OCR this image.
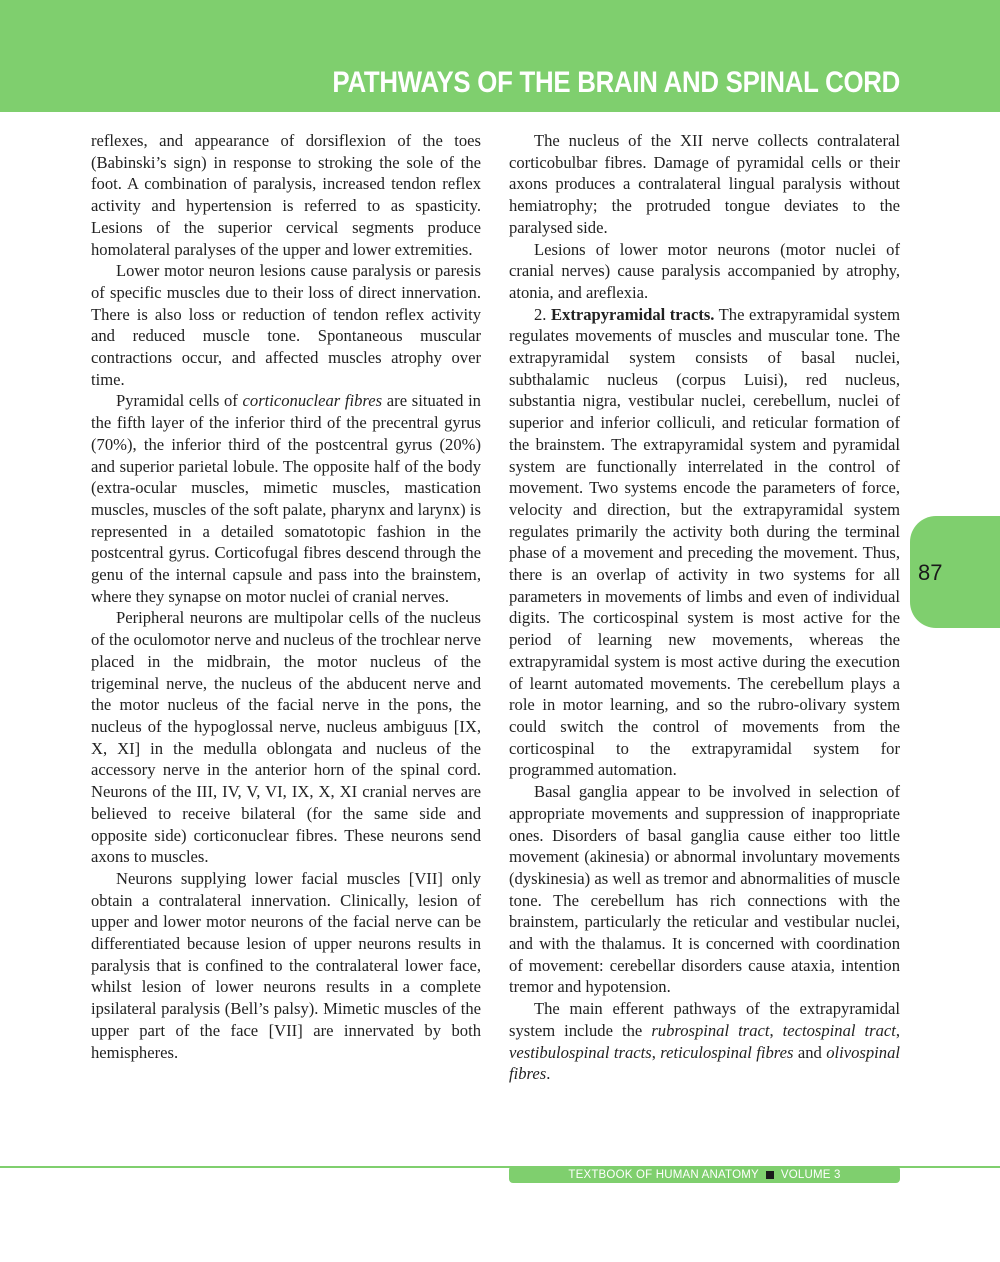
PATHWAYS OF THE BRAIN AND SPINAL CORD
87

reflexes, and appearance of dorsiflexion of the toes (Babinski’s sign) in response to stroking the sole of the foot. A combination of paralysis, increased tendon reflex activity and hypertension is referred to as spasticity. Lesions of the superior cervical segments produce homolateral paralyses of the upper and lower extremities.

Lower motor neuron lesions cause paralysis or paresis of specific muscles due to their loss of direct innervation. There is also loss or reduction of tendon reflex activity and reduced muscle tone. Spontaneous muscular contractions occur, and affected muscles atrophy over time.

Pyramidal cells of corticonuclear fibres are situated in the fifth layer of the inferior third of the precentral gyrus (70%), the inferior third of the postcentral gyrus (20%) and superior parietal lobule. The opposite half of the body (extra-ocular muscles, mimetic muscles, mastication muscles, muscles of the soft palate, pharynx and larynx) is represented in a detailed somatotopic fashion in the postcentral gyrus. Corticofugal fibres descend through the genu of the internal capsule and pass into the brainstem, where they synapse on motor nuclei of cranial nerves.

Peripheral neurons are multipolar cells of the nucleus of the oculomotor nerve and nucleus of the trochlear nerve placed in the midbrain, the motor nucleus of the trigeminal nerve, the nucleus of the abducent nerve and the motor nucleus of the facial nerve in the pons, the nucleus of the hypoglossal nerve, nucleus ambiguus [IX, X, XI] in the medulla oblongata and nucleus of the accessory nerve in the anterior horn of the spinal cord. Neurons of the III, IV, V, VI, IX, X, XI cranial nerves are believed to receive bilateral (for the same side and opposite side) corticonuclear fibres. These neurons send axons to muscles.

Neurons supplying lower facial muscles [VII] only obtain a contralateral innervation. Clinically, lesion of upper and lower motor neurons of the facial nerve can be differentiated because lesion of upper neurons results in paralysis that is confined to the contralateral lower face, whilst lesion of lower neurons results in a complete ipsilateral paralysis (Bell’s palsy). Mimetic muscles of the upper part of the face [VII] are innervated by both hemispheres.

The nucleus of the XII nerve collects contralateral corticobulbar fibres. Damage of pyramidal cells or their axons produces a contralateral lingual paralysis without hemiatrophy; the protruded tongue deviates to the paralysed side.

Lesions of lower motor neurons (motor nuclei of cranial nerves) cause paralysis accompanied by atrophy, atonia, and areflexia.

2. Extrapyramidal tracts. The extrapyramidal system regulates movements of muscles and muscular tone. The extrapyramidal system consists of basal nuclei, subthalamic nucleus (corpus Luisi), red nucleus, substantia nigra, vestibular nuclei, cerebellum, nuclei of superior and inferior colliculi, and reticular formation of the brainstem. The extrapyramidal system and pyramidal system are functionally interrelated in the control of movement. Two systems encode the parameters of force, velocity and direction, but the extrapyramidal system regulates primarily the activity both during the terminal phase of a movement and preceding the movement. Thus, there is an overlap of activity in two systems for all parameters in movements of limbs and even of individual digits. The corticospinal system is most active for the period of learning new movements, whereas the extrapyramidal system is most active during the execution of learnt automated movements. The cerebellum plays a role in motor learning, and so the rubro-olivary system could switch the control of movements from the corticospinal to the extrapyramidal system for programmed automation.

Basal ganglia appear to be involved in selection of appropriate movements and suppression of inappropriate ones. Disorders of basal ganglia cause either too little movement (akinesia) or abnormal involuntary movements (dyskinesia) as well as tremor and abnormalities of muscle tone. The cerebellum has rich connections with the brainstem, particularly the reticular and vestibular nuclei, and with the thalamus. It is concerned with coordination of movement: cerebellar disorders cause ataxia, intention tremor and hypotension.

The main efferent pathways of the extrapyramidal system include the rubrospinal tract, tectospinal tract, vestibulospinal tracts, reticulospinal fibres and olivospinal fibres.

TEXTBOOK OF HUMAN ANATOMY VOLUME 3
